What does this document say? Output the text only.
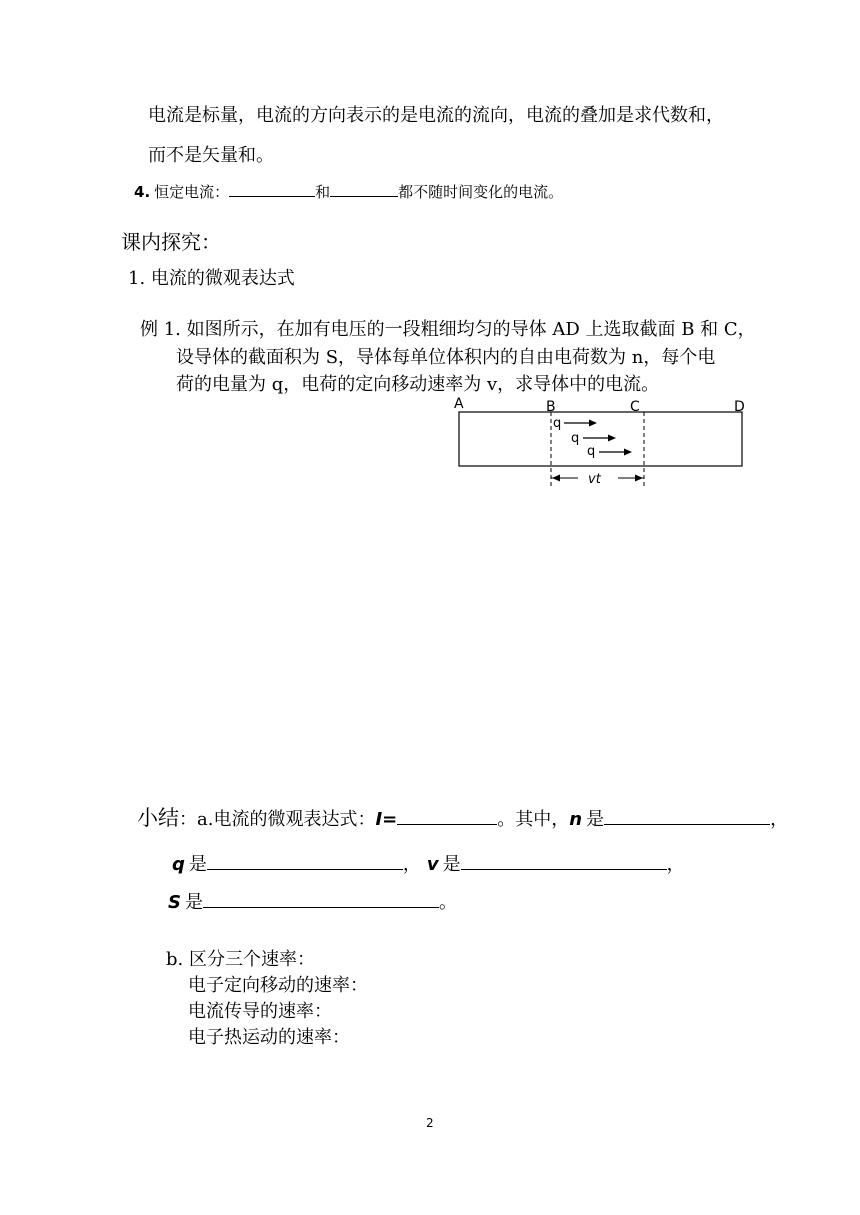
电流是标量，电流的方向表示的是电流的流向，电流的叠加是求代数和，
而不是矢量和。
4. 恒定电流：	和	都不随时间变化的电流。
课内探究：
1. 电流的微观表达式
例 1. 如图所示，在加有电压的一段粗细均匀的导体 AD 上选取截面 B 和 C，
设导体的截面积为 S，导体每单位体积内的自由电荷数为 n，每个电
荷的电量为 q，电荷的定向移动速率为 v，求导体中的电流。
A	B	C	D
q
q
q
vt
小结：a.电流的微观表达式：I=	。其中，n 是	，
q 是	， v 是	，
S 是	。
b. 区分三个速率：
电子定向移动的速率：
电流传导的速率：
电子热运动的速率：
2
